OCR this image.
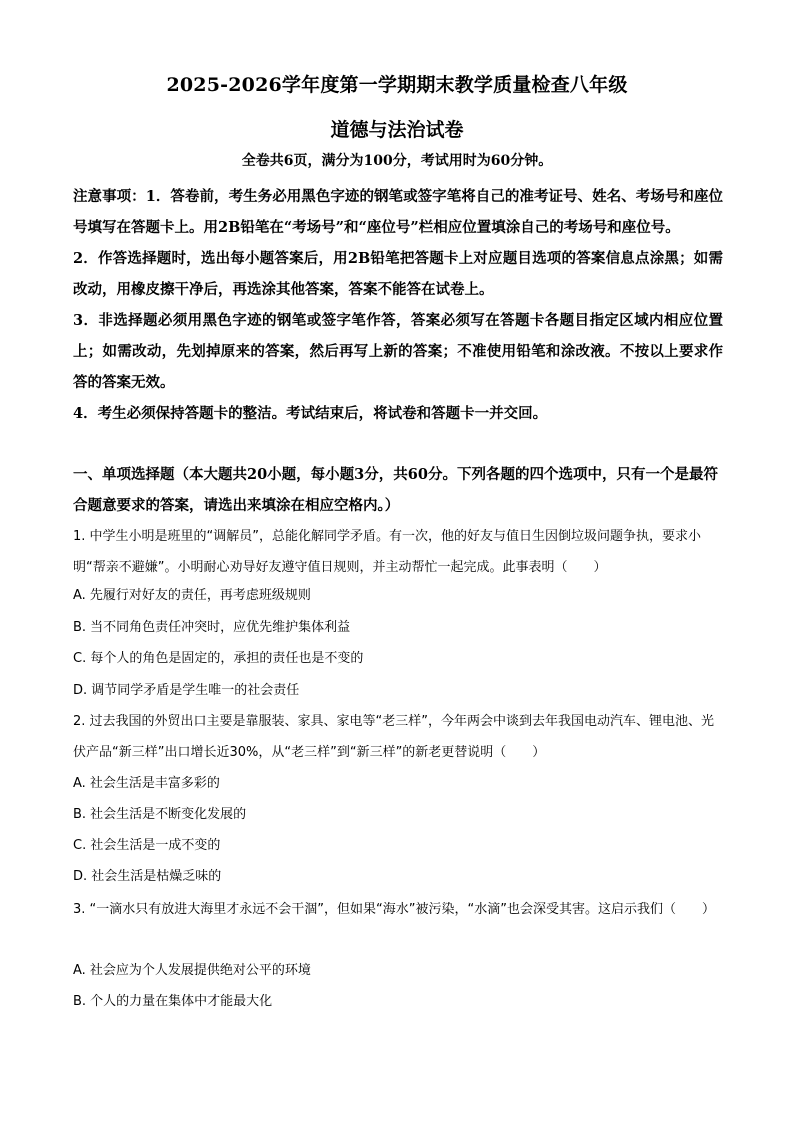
2025-2026学年度第一学期期末教学质量检查八年级
道德与法治试卷
全卷共6页，满分为100分，考试用时为60分钟。

注意事项：1．答卷前，考生务必用黑色字迹的钢笔或签字笔将自己的准考证号、姓名、考场号和座位号填写在答题卡上。用2B铅笔在“考场号”和“座位号”栏相应位置填涂自己的考场号和座位号。

2．作答选择题时，选出每小题答案后，用2B铅笔把答题卡上对应题目选项的答案信息点涂黑；如需改动，用橡皮擦干净后，再选涂其他答案，答案不能答在试卷上。

3．非选择题必须用黑色字迹的钢笔或签字笔作答，答案必须写在答题卡各题目指定区域内相应位置上；如需改动，先划掉原来的答案，然后再写上新的答案；不准使用铅笔和涂改液。不按以上要求作答的答案无效。

4．考生必须保持答题卡的整洁。考试结束后，将试卷和答题卡一并交回。

一、单项选择题（本大题共20小题，每小题3分，共60分。下列各题的四个选项中，只有一个是最符合题意要求的答案，请选出来填涂在相应空格内。）

1. 中学生小明是班里的“调解员”，总能化解同学矛盾。有一次，他的好友与值日生因倒垃圾问题争执，要求小明“帮亲不避嫌”。小明耐心劝导好友遵守值日规则，并主动帮忙一起完成。此事表明（　　）

A. 先履行对好友的责任，再考虑班级规则
B. 当不同角色责任冲突时，应优先维护集体利益
C. 每个人的角色是固定的，承担的责任也是不变的
D. 调节同学矛盾是学生唯一的社会责任

2. 过去我国的外贸出口主要是靠服装、家具、家电等“老三样”，今年两会中谈到去年我国电动汽车、锂电池、光伏产品“新三样”出口增长近30%，从“老三样”到“新三样”的新老更替说明（　　）

A. 社会生活是丰富多彩的
B. 社会生活是不断变化发展的
C. 社会生活是一成不变的
D. 社会生活是枯燥乏味的

3. “一滴水只有放进大海里才永远不会干涸”，但如果“海水”被污染，“水滴”也会深受其害。这启示我们（　　）

A. 社会应为个人发展提供绝对公平的环境
B. 个人的力量在集体中才能最大化
